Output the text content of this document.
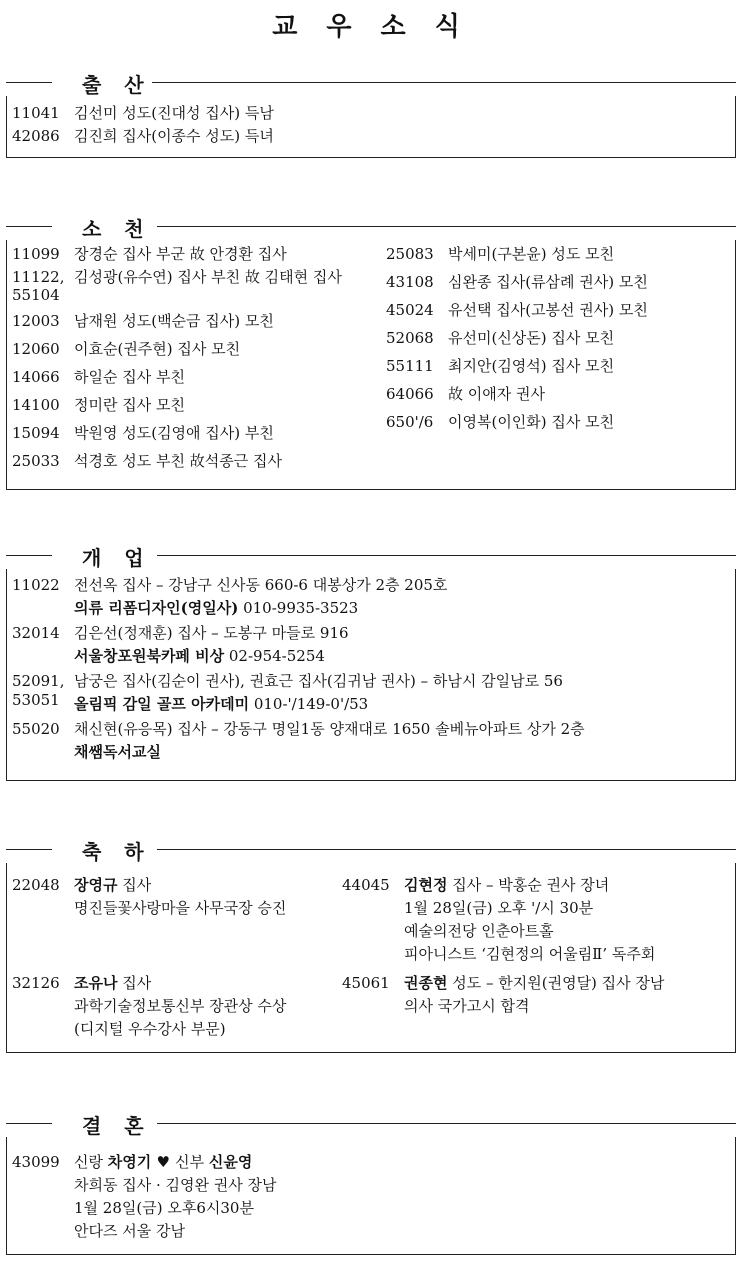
교 우 소 식
출 산
11041 김선미 성도(진대성 집사) 득남
42086 김진희 집사(이종수 성도) 득녀
소 천
11099 장경순 집사 부군 故 안경환 집사
11122,
55104
김성광(유수연) 집사 부친 故 김태현 집사
12003 남재원 성도(백순금 집사) 모친
12060 이효순(권주현) 집사 모친
14066 하일순 집사 부친
14100 정미란 집사 모친
15094 박원영 성도(김영애 집사) 부친
25033 석경호 성도 부친 故석종근 집사
25083 박세미(구본윤) 성도 모친
43108 심완종 집사(류삼례 권사) 모친
45024 유선택 집사(고봉선 권사) 모친
52068 유선미(신상돈) 집사 모친
55111 최지안(김영석) 집사 모친
64066 故 이애자 권사
650'/6 이영복(이인화) 집사 모친
개 업
11022 전선옥 집사 – 강남구 신사동 660-6 대봉상가 2층 205호
의류 리폼디자인(영일사) 010-9935-3523
32014 김은선(정재훈) 집사 – 도봉구 마들로 916
서울창포원북카페 비상 02-954-5254
52091,
53051
남궁은 집사(김순이 권사), 권효근 집사(김귀남 권사) – 하남시 감일남로 56
올림픽 감일 골프 아카데미 010-'/149-0'/53
55020 채신현(유응목) 집사 – 강동구 명일1동 양재대로 1650 솔베뉴아파트 상가 2층
채쌤독서교실
축 하
22048 장영규 집사
명진들꽃사랑마을 사무국장 승진
32126 조유나 집사
과학기술정보통신부 장관상 수상
(디지털 우수강사 부문)
44045 김현정 집사 – 박홍순 권사 장녀
1월 28일(금) 오후 '/시 30분
예술의전당 인춘아트홀
피아니스트 ‘김현정의 어울림Ⅱ’ 독주회
45061 권종현 성도 – 한지원(권영달) 집사 장남
의사 국가고시 합격
결 혼
43099 신랑 차영기 ♥ 신부 신윤영
차희동 집사 · 김영완 권사 장남
1월 28일(금) 오후6시30분
안다즈 서울 강남
